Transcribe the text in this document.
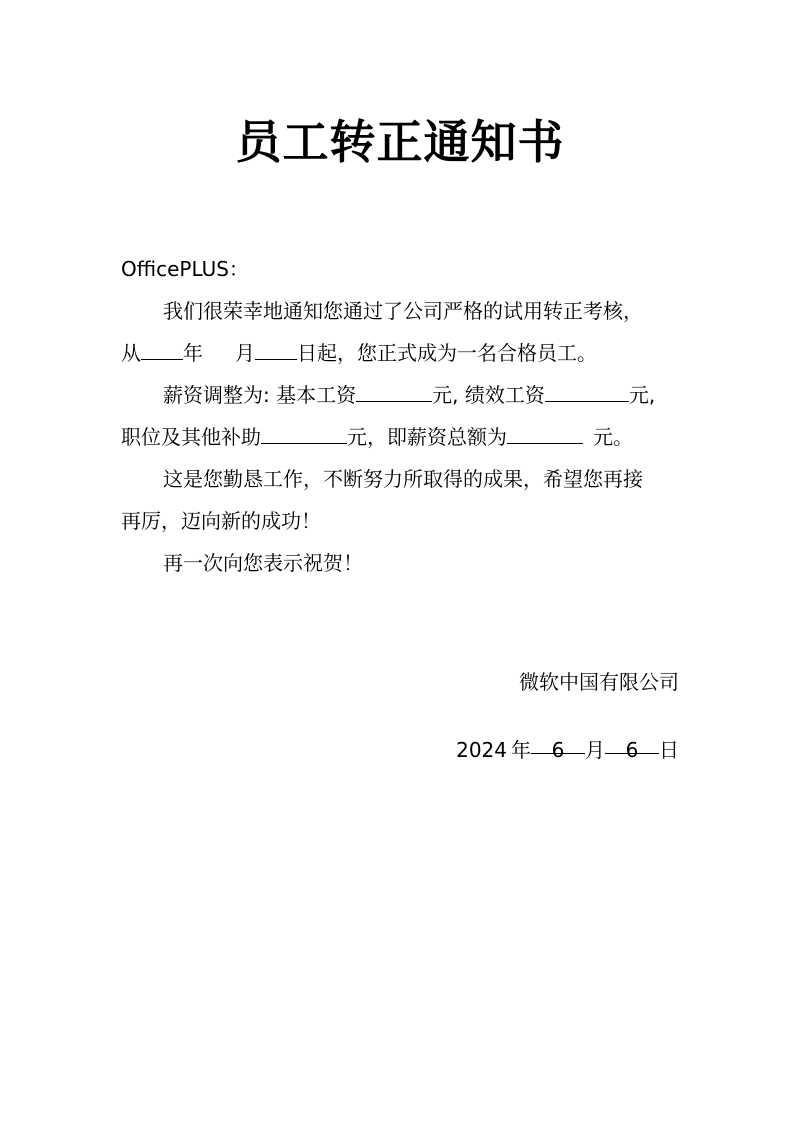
员工转正通知书
OfficePLUS：
我们很荣幸地通知您通过了公司严格的试用转正考核，
从 年 月 日起，您正式成为一名合格员工。
薪资调整为: 基本工资	元, 绩效工资	元,
职位及其他补助	元，即薪资总额为	元。
这是您勤恳工作，不断努力所取得的成果，希望您再接
再厉，迈向新的成功！
再一次向您表示祝贺！
微软中国有限公司
2024 年 6 月 6 日
